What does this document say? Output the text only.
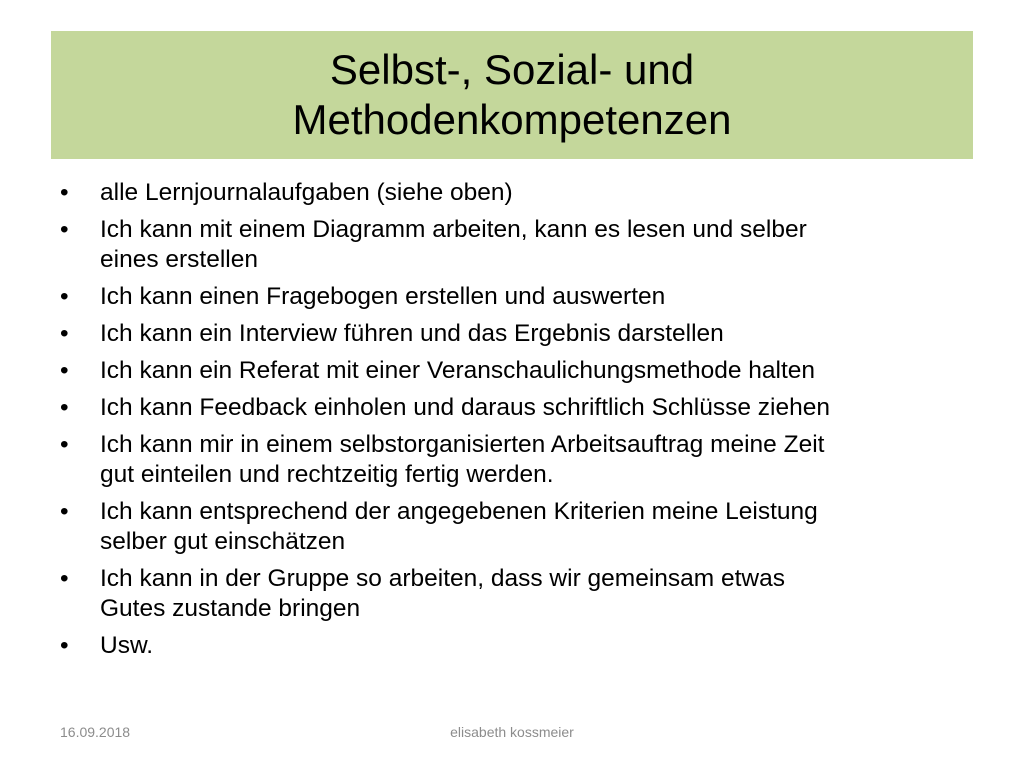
Selbst-, Sozial- und
Methodenkompetenzen
•	alle Lernjournalaufgaben (siehe oben)
•	Ich kann mit einem Diagramm arbeiten, kann es lesen und selber
eines erstellen
•	Ich kann einen Fragebogen erstellen und auswerten
•	Ich kann ein Interview führen und das Ergebnis darstellen
•	Ich kann ein Referat mit einer Veranschaulichungsmethode halten
•	Ich kann Feedback einholen und daraus schriftlich Schlüsse ziehen
•	Ich kann mir in einem selbstorganisierten Arbeitsauftrag meine Zeit
gut einteilen und rechtzeitig fertig werden.
•	Ich kann entsprechend der angegebenen Kriterien meine Leistung
selber gut einschätzen
•	Ich kann in der Gruppe so arbeiten, dass wir gemeinsam etwas
Gutes zustande bringen
•	Usw.
16.09.2018	elisabeth kossmeier
